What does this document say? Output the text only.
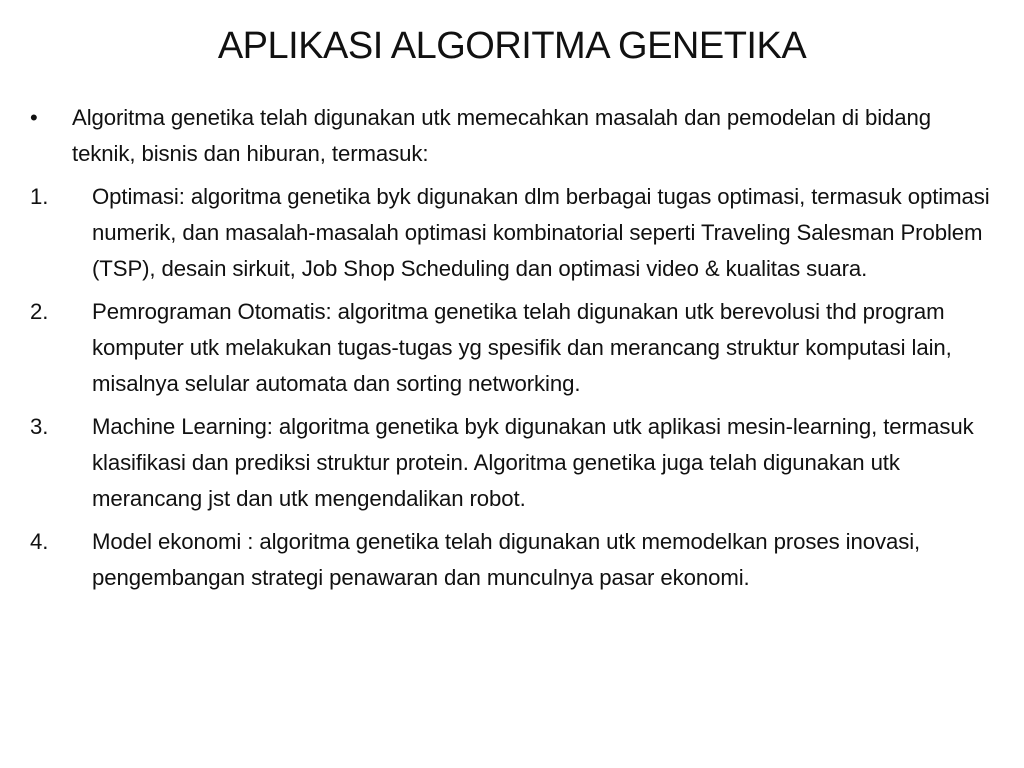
APLIKASI ALGORITMA GENETIKA
• Algoritma genetika telah digunakan utk memecahkan masalah dan pemodelan di bidang teknik, bisnis dan hiburan, termasuk:
1. Optimasi: algoritma genetika byk digunakan dlm berbagai tugas optimasi, termasuk optimasi numerik, dan masalah-masalah optimasi kombinatorial seperti Traveling Salesman Problem (TSP), desain sirkuit, Job Shop Scheduling dan optimasi video & kualitas suara.
2. Pemrograman Otomatis: algoritma genetika telah digunakan utk berevolusi thd program komputer utk melakukan tugas-tugas yg spesifik dan merancang struktur komputasi lain, misalnya selular automata dan sorting networking.
3. Machine Learning: algoritma genetika byk digunakan utk aplikasi mesin-learning, termasuk klasifikasi dan prediksi struktur protein. Algoritma genetika juga telah digunakan utk merancang jst dan utk mengendalikan robot.
4. Model ekonomi : algoritma genetika telah digunakan utk memodelkan proses inovasi, pengembangan strategi penawaran dan munculnya pasar ekonomi.
